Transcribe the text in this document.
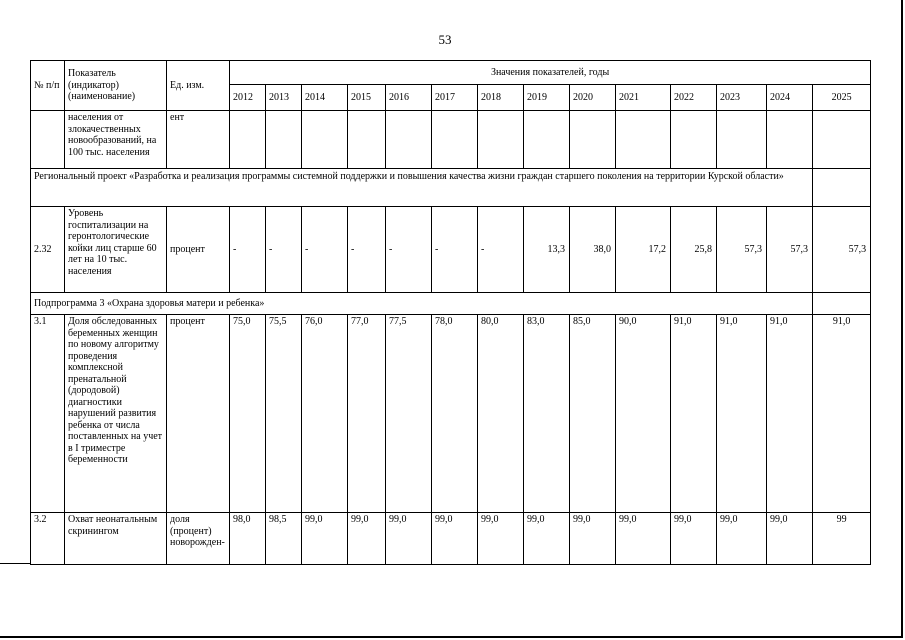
53
№ п/п	Показатель (индикатор) (наименование)	Ед. изм.	Значения показателей, годы													
			2012	2013	2014	2015	2016	2017	2018	2019	2020	2021	2022	2023	2024	2025
	населения от злокачественных новообразований, на 100 тыс. населения	ент														
Региональный проект «Разработка и реализация программы системной поддержки и повышения качества жизни граждан старшего поколения на территории Курской области»																
2.32	Уровень госпитализации на геронтологические койки лиц старше 60 лет на 10 тыс. населения	процент	-	-	-	-	-	-	-	13,3	38,0	17,2	25,8	57,3	57,3	57,3
Подпрограмма 3 «Охрана здоровья матери и ребенка»																
3.1	Доля обследованных беременных женщин по новому алгоритму проведения комплексной пренатальной (дородовой) диагностики нарушений развития ребенка от числа поставленных на учет в I триместре беременности	процент	75,0	75,5	76,0	77,0	77,5	78,0	80,0	83,0	85,0	90,0	91,0	91,0	91,0	91,0
3.2	Охват неонатальным скринингом	доля (процент) новорожден-	98,0	98,5	99,0	99,0	99,0	99,0	99,0	99,0	99,0	99,0	99,0	99,0	99,0	99
